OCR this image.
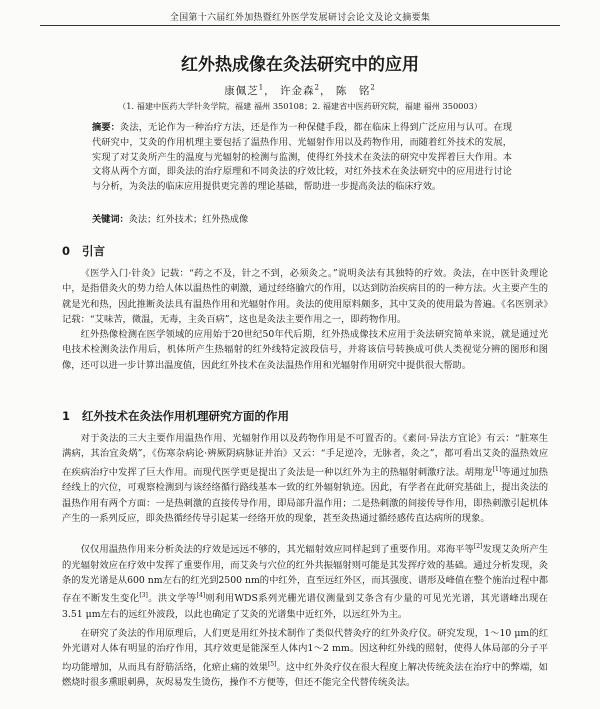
全国第十六届红外加热暨红外医学发展研讨会论文及论文摘要集
红外热成像在灸法研究中的应用
康佩芝$^1$， 许金森$^2$， 陈　铭$^2$
（1. 福建中医药大学针灸学院，福建 福州 350108；2. 福建省中医药研究院，福建 福州 350003）
摘要：灸法，无论作为一种治疗方法，还是作为一种保健手段，都在临床上得到广泛应用与认可。在现代研究中，艾灸的作用机理主要包括了温热作用、光辐射作用以及药物作用，而随着红外技术的发展，实现了对艾灸所产生的温度与光辐射的检测与监测，使得红外技术在灸法的研究中发挥着巨大作用。本文将从两个方面，即灸法的治疗原理和不同灸法的疗效比较，对红外技术在灸法研究中的应用进行讨论与分析，为灸法的临床应用提供更完善的理论基础，帮助进一步提高灸法的临床疗效。
关键词：灸法；红外技术；红外热成像
0 引言

《医学入门·针灸》记载：“药之不及，针之不到，必须灸之。”说明灸法有其独特的疗效。灸法，在中医针灸理论中，是指借灸火的势力给人体以温热性的刺激，通过经络腧穴的作用，以达到防治疾病目的的一种方法。火主要产生的就是光和热，因此推断灸法具有温热作用和光辐射作用。灸法的使用原料颇多，其中艾灸的使用最为普遍。《名医别录》记载：“艾味苦，微温，无毒，主灸百病”，这也是灸法主要作用之一，即药物作用。

红外热像检测在医学领域的应用始于20世纪50年代后期，红外热成像技术应用于灸法研究简单来说，就是通过光电技术检测灸法作用后，机体所产生热辐射的红外线特定波段信号，并将该信号转换成可供人类视觉分辨的图形和图像，还可以进一步计算出温度值，因此红外技术在灸法温热作用和光辐射作用研究中提供很大帮助。

1 红外技术在灸法作用机理研究方面的作用

对于灸法的三大主要作用温热作用、光辐射作用以及药物作用是不可置否的。《素问·异法方宜论》有云：“脏寒生满病，其治宜灸焫”，《伤寒杂病论·辨厥阴病脉证并治》又云：“手足逆冷，无脉者，灸之”，都可看出艾灸的温热效应在疾病治疗中发挥了巨大作用。而现代医学更是提出了灸法是一种以红外为主的热辐射刺激疗法。胡翔龙[1]等通过加热经线上的穴位，可观察检测到与该经络循行路线基本一致的红外辐射轨迹。因此，有学者在此研究基础上，提出灸法的温热作用有两个方面：一是热刺激的直接传导作用，即局部升温作用；二是热刺激的间接传导作用，即热刺激引起机体产生的一系列反应，即灸热循经传导引起某一经络开放的现象，甚至灸热通过循经感传直达病所的现象。

仅仅用温热作用来分析灸法的疗效是远远不够的，其光辐射效应同样起到了重要作用。邓海平等[2]发现艾灸所产生的光辐射效应在疗效中发挥了重要作用，而艾灸与穴位的红外共振辐射则可能是其发挥疗效的基础。通过分析发现，灸条的发光谱是从600 nm左右的红光到2500 nm的中红外，直至远红外区，而其强度、谱形及峰值在整个施治过程中都存在不断发生变化[3]。洪文学等[4]则利用WDS系列光栅光谱仪测量到艾条含有少量的可见光光谱，其光谱峰出现在3.51 μm左右的远红外波段，以此也确定了艾灸的光谱集中近红外，以远红外为主。

在研究了灸法的作用原理后，人们更是用红外技术制作了类似代替灸疗的红外灸疗仪。研究发现，1～10 μm的红外光谱对人体有明显的治疗作用，其疗效更是能深至人体内1～2 mm。因这种红外线的照射，使得人体局部的分子平均功能增加，从而具有舒筋活络，化瘀止痛的效果[5]。这中红外灸疗仪在很大程度上解决传统灸法在治疗中的弊端，如燃烧时很多熏眼刺鼻，灰烬易发生烫伤，操作不方便等，但还不能完全代替传统灸法。
